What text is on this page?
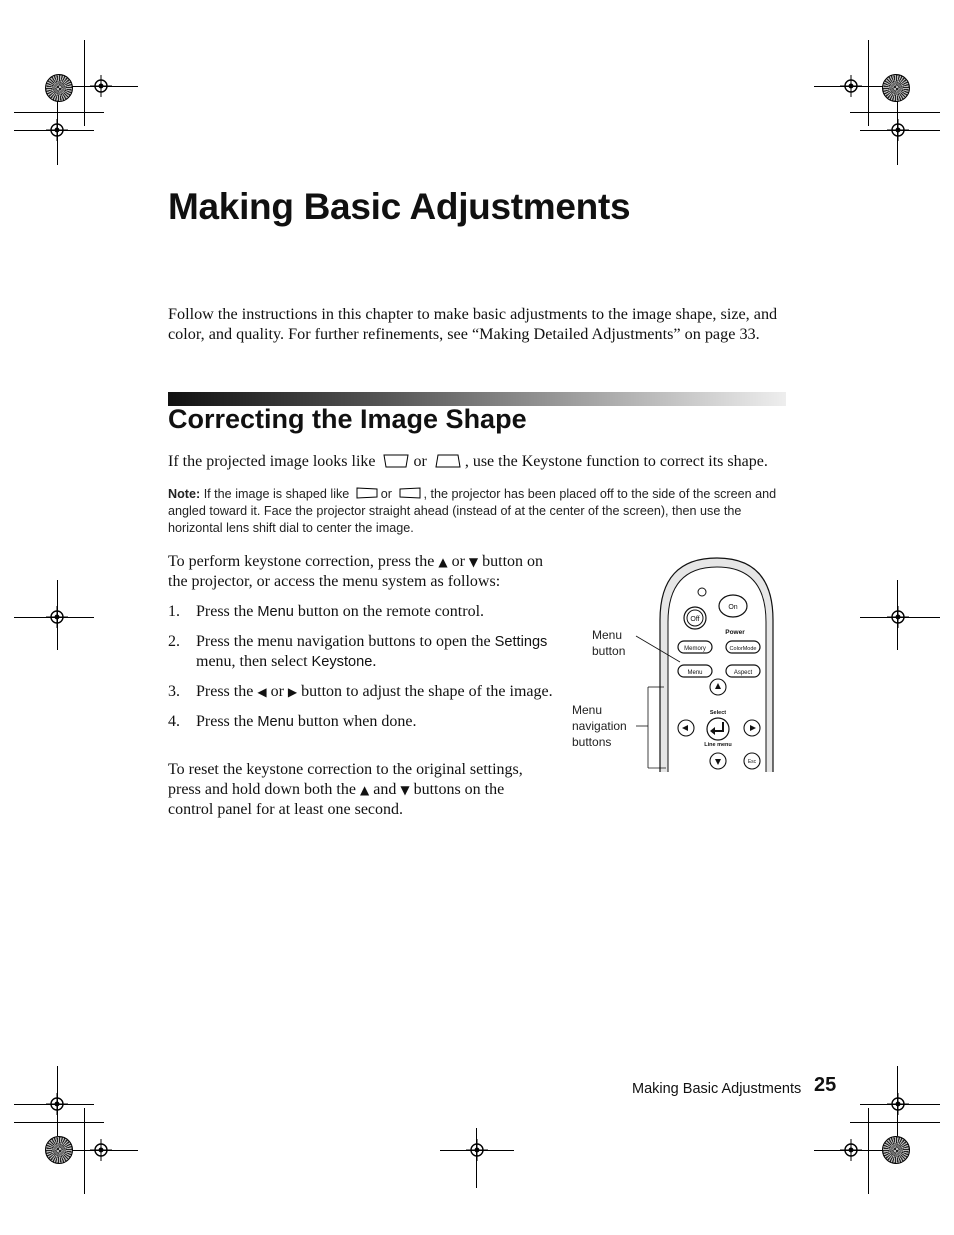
Making Basic Adjustments
Follow the instructions in this chapter to make basic adjustments to the image shape, size, and color, and quality. For further refinements, see “Making Detailed Adjustments” on page 33.
Correcting the Image Shape
If the projected image looks like or , use the Keystone function to correct its shape.
Note: If the image is shaped like	or	, the projector has been placed off to the side of the screen and angled toward it. Face the projector straight ahead (instead of at the center of the screen), then use the horizontal lens shift dial to center the image.
To perform keystone correction, press the ▲ or ▼ button on the projector, or access the menu system as follows:
1. Press the Menu button on the remote control.
2. Press the menu navigation buttons to open the Settings menu, then select Keystone.
3. Press the ◀ or ▶ button to adjust the shape of the image.
4. Press the Menu button when done.
To reset the keystone correction to the original settings, press and hold down both the ▲ and ▼ buttons on the control panel for at least one second.
Menu
button
Menu
navigation
buttons
On
Off
Power
Memory	ColorMode
Menu	Aspect
Select
Line menu
Esc
Making Basic Adjustments 25
